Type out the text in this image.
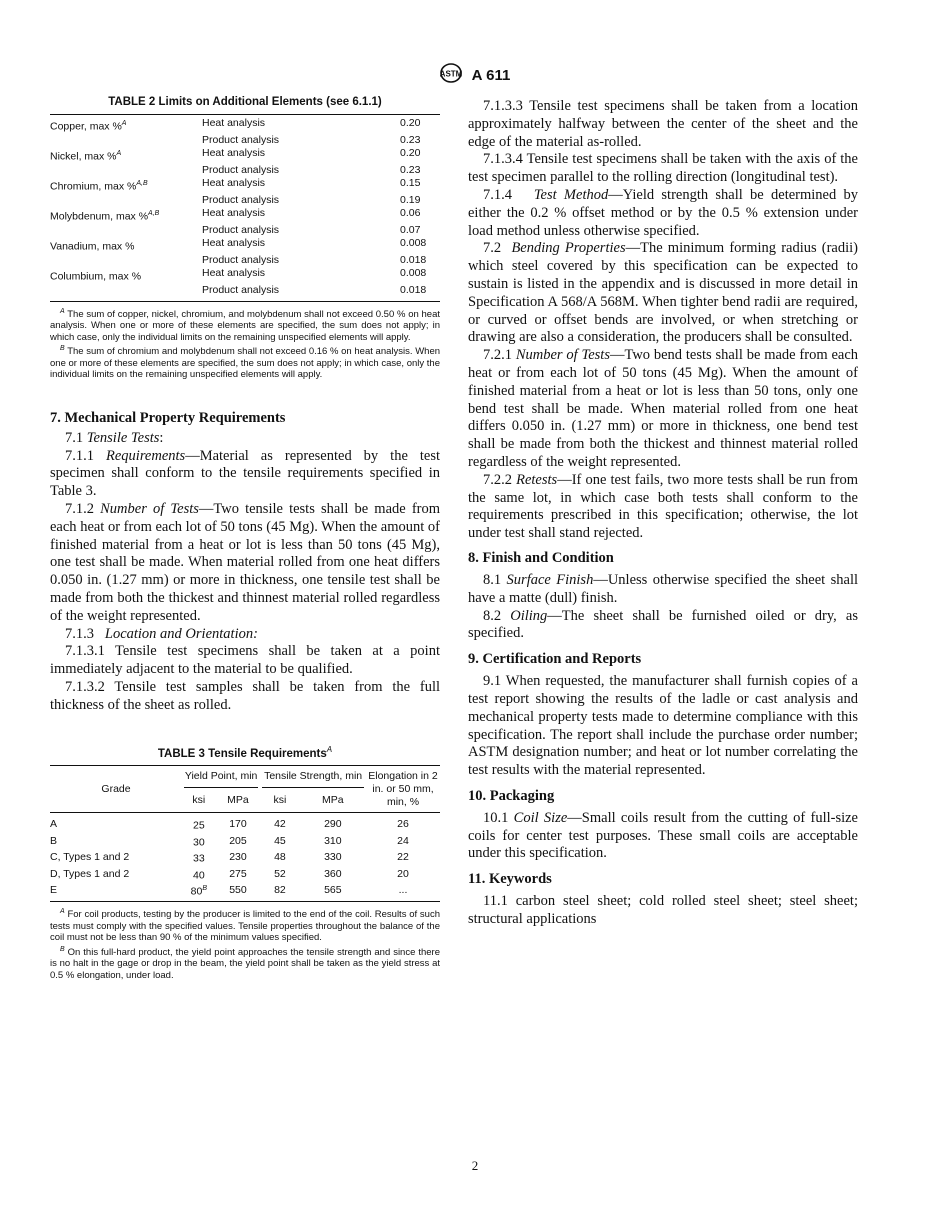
ASTM A 611

TABLE 2 Limits on Additional Elements (see 6.1.1)

Copper, max %$^A$	Heat analysis	0.20
	Product analysis	0.23
Nickel, max %$^A$	Heat analysis	0.20
	Product analysis	0.23
Chromium, max %$^{A,B}$	Heat analysis	0.15
	Product analysis	0.19
Molybdenum, max %$^{A,B}$	Heat analysis	0.06
	Product analysis	0.07
Vanadium, max %	Heat analysis	0.008
	Product analysis	0.018
Columbium, max %	Heat analysis	0.008
	Product analysis	0.018

$^A$ The sum of copper, nickel, chromium, and molybdenum shall not exceed 0.50 % on heat analysis. When one or more of these elements are specified, the sum does not apply; in which case, only the individual limits on the remaining unspecified elements will apply.

$^B$ The sum of chromium and molybdenum shall not exceed 0.16 % on heat analysis. When one or more of these elements are specified, the sum does not apply; in which case, only the individual limits on the remaining unspecified elements will apply.

7. Mechanical Property Requirements

7.1 Tensile Tests:

7.1.1 Requirements—Material as represented by the test specimen shall conform to the tensile requirements specified in Table 3.

7.1.2 Number of Tests—Two tensile tests shall be made from each heat or from each lot of 50 tons (45 Mg). When the amount of finished material from a heat or lot is less than 50 tons (45 Mg), one test shall be made. When material rolled from one heat differs 0.050 in. (1.27 mm) or more in thickness, one tensile test shall be made from both the thickest and thinnest material rolled regardless of the weight represented.

7.1.3 Location and Orientation:

7.1.3.1 Tensile test specimens shall be taken at a point immediately adjacent to the material to be qualified.

7.1.3.2 Tensile test samples shall be taken from the full thickness of the sheet as rolled.

TABLE 3 Tensile Requirements$^A$

Grade	Yield Point, min		Tensile Strength, min		Elongation in 2 in. or 50 mm, min, %
	ksi	MPa	ksi	MPa	
A	25	170	42	290	26
B	30	205	45	310	24
C, Types 1 and 2	33	230	48	330	22
D, Types 1 and 2	40	275	52	360	20
E	$80^B$	550	82	565	...

$^A$ For coil products, testing by the producer is limited to the end of the coil. Results of such tests must comply with the specified values. Tensile properties throughout the balance of the coil must not be less than 90 % of the minimum values specified.

$^B$ On this full-hard product, the yield point approaches the tensile strength and since there is no halt in the gage or drop in the beam, the yield point shall be taken as the yield stress at 0.5 % elongation, under load.

7.1.3.3 Tensile test specimens shall be taken from a location approximately halfway between the center of the sheet and the edge of the material as-rolled.

7.1.3.4 Tensile test specimens shall be taken with the axis of the test specimen parallel to the rolling direction (longitudinal test).

7.1.4 Test Method—Yield strength shall be determined by either the 0.2 % offset method or by the 0.5 % extension under load method unless otherwise specified.

7.2 Bending Properties—The minimum forming radius (radii) which steel covered by this specification can be expected to sustain is listed in the appendix and is discussed in more detail in Specification A 568/A 568M. When tighter bend radii are required, or curved or offset bends are involved, or when stretching or drawing are also a consideration, the producers shall be consulted.

7.2.1 Number of Tests—Two bend tests shall be made from each heat or from each lot of 50 tons (45 Mg). When the amount of finished material from a heat or lot is less than 50 tons, only one bend test shall be made. When material rolled from one heat differs 0.050 in. (1.27 mm) or more in thickness, one bend test shall be made from both the thickest and thinnest material rolled regardless of the weight represented.

7.2.2 Retests—If one test fails, two more tests shall be run from the same lot, in which case both tests shall conform to the requirements prescribed in this specification; otherwise, the lot under test shall stand rejected.

8. Finish and Condition

8.1 Surface Finish—Unless otherwise specified the sheet shall have a matte (dull) finish.

8.2 Oiling—The sheet shall be furnished oiled or dry, as specified.

9. Certification and Reports

9.1 When requested, the manufacturer shall furnish copies of a test report showing the results of the ladle or cast analysis and mechanical property tests made to determine compliance with this specification. The report shall include the purchase order number; ASTM designation number; and heat or lot number correlating the test results with the material represented.

10. Packaging

10.1 Coil Size—Small coils result from the cutting of full-size coils for center test purposes. These small coils are acceptable under this specification.

11. Keywords

11.1 carbon steel sheet; cold rolled steel sheet; steel sheet; structural applications

2
